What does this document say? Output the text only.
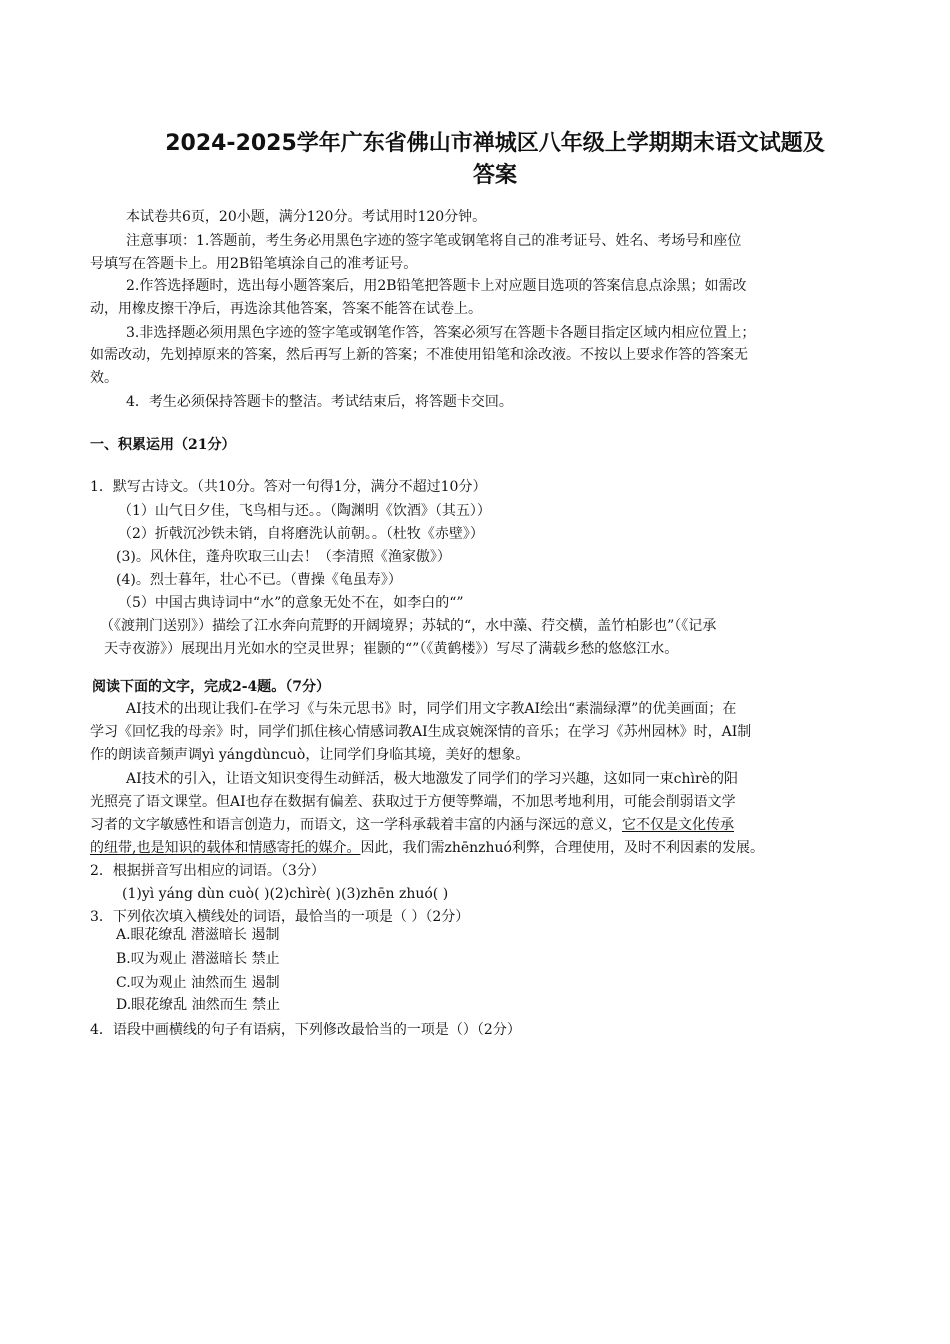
2024-2025学年广东省佛山市禅城区八年级上学期期末语文试题及
答案
本试卷共6页，20小题，满分120分。考试用时120分钟。
注意事项：1.答题前，考生务必用黑色字迹的签字笔或钢笔将自己的准考证号、姓名、考场号和座位
号填写在答题卡上。用2B铅笔填涂自己的准考证号。
2.作答选择题时，选出每小题答案后，用2B铅笔把答题卡上对应题目选项的答案信息点涂黑；如需改
动，用橡皮擦干净后，再选涂其他答案，答案不能答在试卷上。
3.非选择题必须用黑色字迹的签字笔或钢笔作答，答案必须写在答题卡各题目指定区域内相应位置上；
如需改动，先划掉原来的答案，然后再写上新的答案；不准使用铅笔和涂改液。不按以上要求作答的答案无
效。
4．考生必须保持答题卡的整洁。考试结束后，将答题卡交回。
一、积累运用（21分）
1．默写古诗文。（共10分。答对一句得1分，满分不超过10分）
（1）山气日夕佳，飞鸟相与还。。（陶渊明《饮酒》（其五））
（2）折戟沉沙铁未销，自将磨洗认前朝。。（杜牧《赤壁》）
(3)。风休住，蓬舟吹取三山去！（李清照《渔家傲》）
(4)。烈士暮年，壮心不已。（曹操《龟虽寿》）
（5）中国古典诗词中“水”的意象无处不在，如李白的“”
（《渡荆门送别》）描绘了江水奔向荒野的开阔境界；苏轼的“，水中藻、荇交横，盖竹柏影也”（《记承
天寺夜游》）展现出月光如水的空灵世界；崔颢的“”（《黄鹤楼》）写尽了满载乡愁的悠悠江水。
阅读下面的文字，完成2-4题。（7分）
AI技术的出现让我们-在学习《与朱元思书》时，同学们用文字教AI绘出“素湍绿潭”的优美画面；在
学习《回忆我的母亲》时，同学们抓住核心情感词教AI生成哀婉深情的音乐；在学习《苏州园林》时，AI制
作的朗读音频声调yì yángdùncuò，让同学们身临其境，美好的想象。
AI技术的引入，让语文知识变得生动鲜活，极大地激发了同学们的学习兴趣，这如同一束chìrè的阳
光照亮了语文课堂。但AI也存在数据有偏差、获取过于方便等弊端，不加思考地利用，可能会削弱语文学
习者的文字敏感性和语言创造力，而语文，这一学科承载着丰富的内涵与深远的意义，它不仅是文化传承
的纽带,也是知识的载体和情感寄托的媒介。因此，我们需zhēnzhuó利弊，合理使用，及时不利因素的发展。
2．根据拼音写出相应的词语。（3分）
(1)yì yáng dùn cuò( )(2)chìrè( )(3)zhēn zhuó( )
3．下列依次填入横线处的词语，最恰当的一项是（ ）（2分）
A.眼花缭乱 潜滋暗长 遏制
B.叹为观止 潜滋暗长 禁止
C.叹为观止 油然而生 遏制
D.眼花缭乱 油然而生 禁止
4．语段中画横线的句子有语病，下列修改最恰当的一项是（）（2分）
